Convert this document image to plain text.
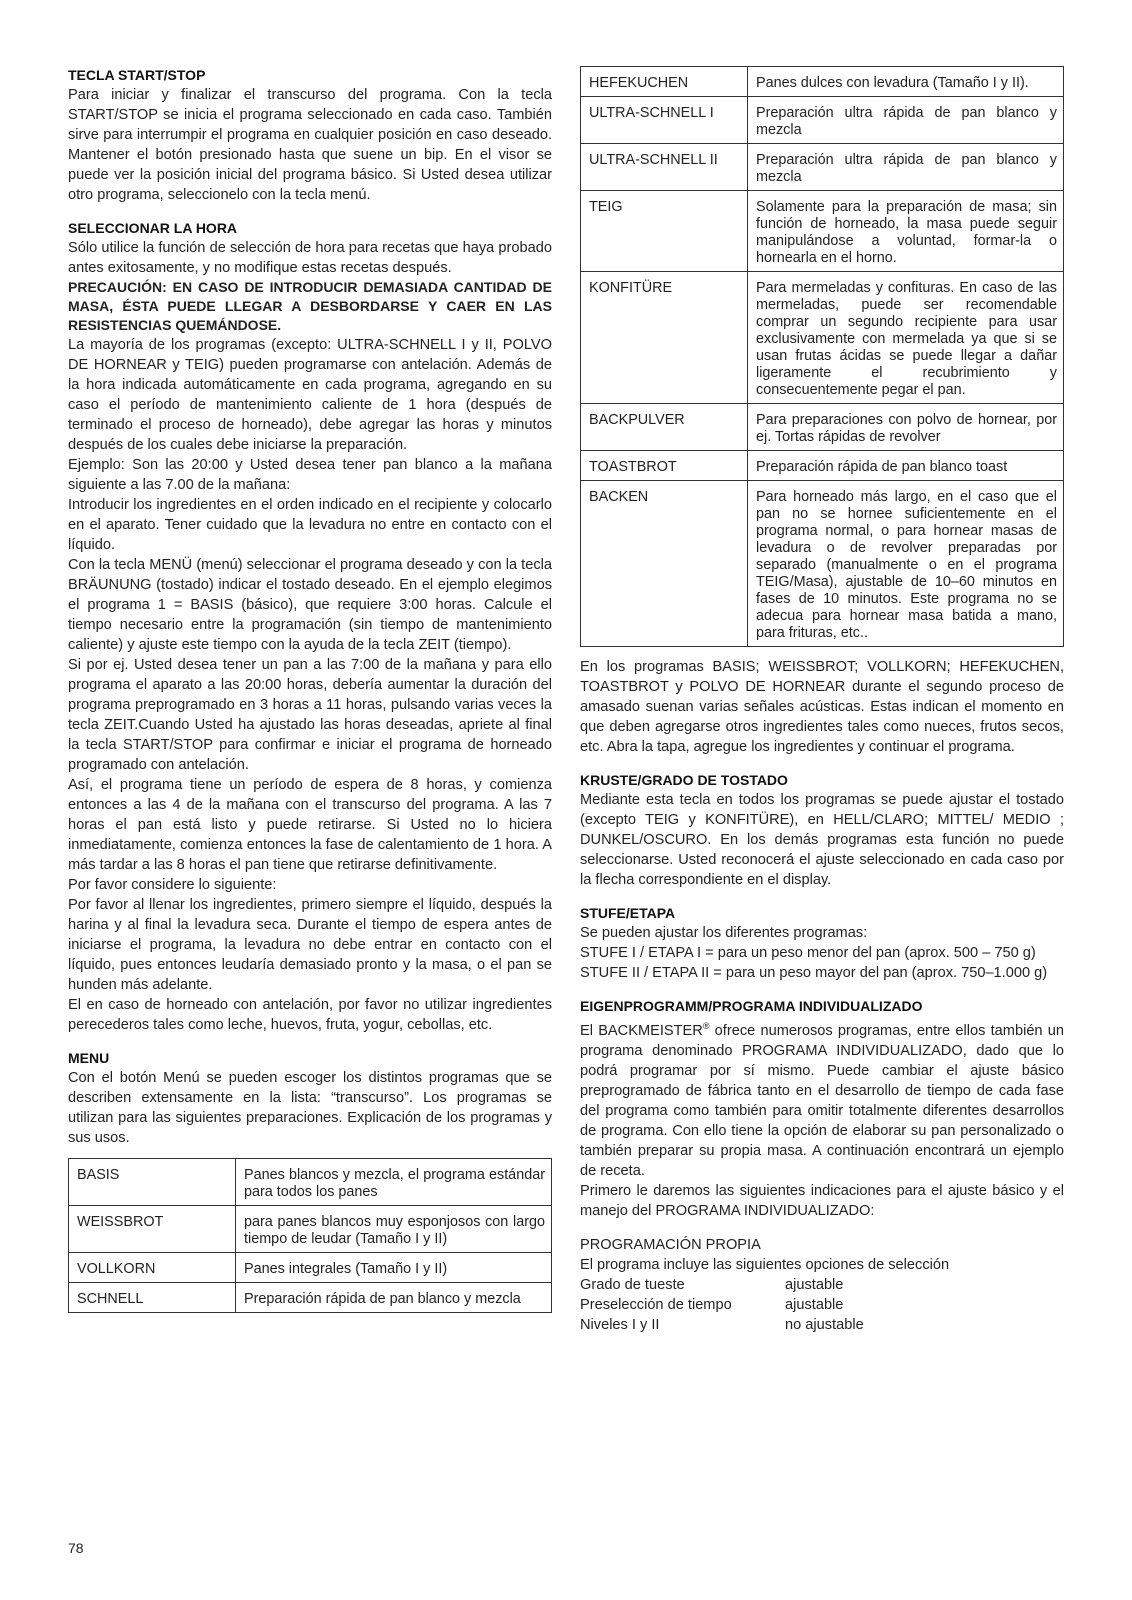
TECLA START/STOP

Para iniciar y finalizar el transcurso del programa. Con la tecla START/STOP se inicia el programa seleccionado en cada caso. También sirve para interrumpir el programa en cualquier posición en caso deseado. Mantener el botón presionado hasta que suene un bip. En el visor se puede ver la posición inicial del programa básico. Si Usted desea utilizar otro programa, seleccionelo con la tecla menú.

SELECCIONAR LA HORA

Sólo utilice la función de selección de hora para recetas que haya probado antes exitosamente, y no modifique estas recetas después.

PRECAUCIÓN: EN CASO DE INTRODUCIR DEMASIADA CANTIDAD DE MASA, ÉSTA PUEDE LLEGAR A DESBORDARSE Y CAER EN LAS RESISTENCIAS QUEMÁNDOSE.

La mayoría de los programas (excepto: ULTRA-SCHNELL I y II, POLVO DE HORNEAR y TEIG) pueden programarse con antelación. Además de la hora indicada automáticamente en cada programa, agregando en su caso el período de mantenimiento caliente de 1 hora (después de terminado el proceso de horneado), debe agregar las horas y minutos después de los cuales debe iniciarse la preparación.

Ejemplo: Son las 20:00 y Usted desea tener pan blanco a la mañana siguiente a las 7.00 de la mañana:

Introducir los ingredientes en el orden indicado en el recipiente y colocarlo en el aparato. Tener cuidado que la levadura no entre en contacto con el líquido.

Con la tecla MENÜ (menú) seleccionar el programa deseado y con la tecla BRÄUNUNG (tostado) indicar el tostado deseado. En el ejemplo elegimos el programa 1 = BASIS (básico), que requiere 3:00 horas. Calcule el tiempo necesario entre la programación (sin tiempo de mantenimiento caliente) y ajuste este tiempo con la ayuda de la tecla ZEIT (tiempo).

Si por ej. Usted desea tener un pan a las 7:00 de la mañana y para ello programa el aparato a las 20:00 horas, debería aumentar la duración del programa preprogramado en 3 horas a 11 horas, pulsando varias veces la tecla ZEIT.Cuando Usted ha ajustado las horas deseadas, apriete al final la tecla START/STOP para confirmar e iniciar el programa de horneado programado con antelación.

Así, el programa tiene un período de espera de 8 horas, y comienza entonces a las 4 de la mañana con el transcurso del programa. A las 7 horas el pan está listo y puede retirarse. Si Usted no lo hiciera inmediatamente, comienza entonces la fase de calentamiento de 1 hora. A más tardar a las 8 horas el pan tiene que retirarse definitivamente.

Por favor considere lo siguiente:

Por favor al llenar los ingredientes, primero siempre el líquido, después la harina y al final la levadura seca. Durante el tiempo de espera antes de iniciarse el programa, la levadura no debe entrar en contacto con el líquido, pues entonces leudaría demasiado pronto y la masa, o el pan se hunden más adelante.

El en caso de horneado con antelación, por favor no utilizar ingredientes perecederos tales como leche, huevos, fruta, yogur, cebollas, etc.

MENU

Con el botón Menú se pueden escoger los distintos programas que se describen extensamente en la lista: “transcurso”. Los programas se utilizan para las siguientes preparaciones. Explicación de los programas y sus usos.

BASIS	Panes blancos y mezcla, el programa estándar para todos los panes
WEISSBROT	para panes blancos muy esponjosos con largo tiempo de leudar (Tamaño I y II)
VOLLKORN	Panes integrales (Tamaño I y II)
SCHNELL	Preparación rápida de pan blanco y mezcla
HEFEKUCHEN	Panes dulces con levadura (Tamaño I y II).
ULTRA-SCHNELL I	Preparación ultra rápida de pan blanco y mezcla
ULTRA-SCHNELL II	Preparación ultra rápida de pan blanco y mezcla
TEIG	Solamente para la preparación de masa; sin función de horneado, la masa puede seguir manipulándose a voluntad, formar-la o hornearla en el horno.
KONFITÜRE	Para mermeladas y confituras. En caso de las mermeladas, puede ser recomendable comprar un segundo recipiente para usar exclusivamente con mermelada ya que si se usan frutas ácidas se puede llegar a dañar ligeramente el recubrimiento y consecuentemente pegar el pan.
BACKPULVER	Para preparaciones con polvo de hornear, por ej. Tortas rápidas de revolver
TOASTBROT	Preparación rápida de pan blanco toast
BACKEN	Para horneado más largo, en el caso que el pan no se hornee suficientemente en el programa normal, o para hornear masas de levadura o de revolver preparadas por separado (manualmente o en el programa TEIG/Masa), ajustable de 10–60 minutos en fases de 10 minutos. Este programa no se adecua para hornear masa batida a mano, para frituras, etc..

En los programas BASIS; WEISSBROT; VOLLKORN; HEFEKUCHEN, TOASTBROT y POLVO DE HORNEAR durante el segundo proceso de amasado suenan varias señales acústicas. Estas indican el momento en que deben agregarse otros ingredientes tales como nueces, frutos secos, etc. Abra la tapa, agregue los ingredientes y continuar el programa.

KRUSTE/GRADO DE TOSTADO

Mediante esta tecla en todos los programas se puede ajustar el tostado (excepto TEIG y KONFITÜRE), en HELL/CLARO; MITTEL/ MEDIO ; DUNKEL/OSCURO. En los demás programas esta función no puede seleccionarse. Usted reconocerá el ajuste seleccionado en cada caso por la flecha correspondiente en el display.

STUFE/ETAPA

Se pueden ajustar los diferentes programas:

STUFE I / ETAPA I = para un peso menor del pan (aprox. 500 – 750 g)

STUFE II / ETAPA II = para un peso mayor del pan (aprox. 750–1.000 g)

EIGENPROGRAMM/PROGRAMA INDIVIDUALIZADO

El BACKMEISTER® ofrece numerosos programas, entre ellos también un programa denominado PROGRAMA INDIVIDUALIZADO, dado que lo podrá programar por sí mismo. Puede cambiar el ajuste básico preprogramado de fábrica tanto en el desarrollo de tiempo de cada fase del programa como también para omitir totalmente diferentes desarrollos de programa. Con ello tiene la opción de elaborar su pan personalizado o también preparar su propia masa. A continuación encontrará un ejemplo de receta.

Primero le daremos las siguientes indicaciones para el ajuste básico y el manejo del PROGRAMA INDIVIDUALIZADO:

PROGRAMACIÓN PROPIA

El programa incluye las siguientes opciones de selección

Grado de tueste	ajustable
Preselección de tiempo	ajustable
Niveles I y II	no ajustable
78
